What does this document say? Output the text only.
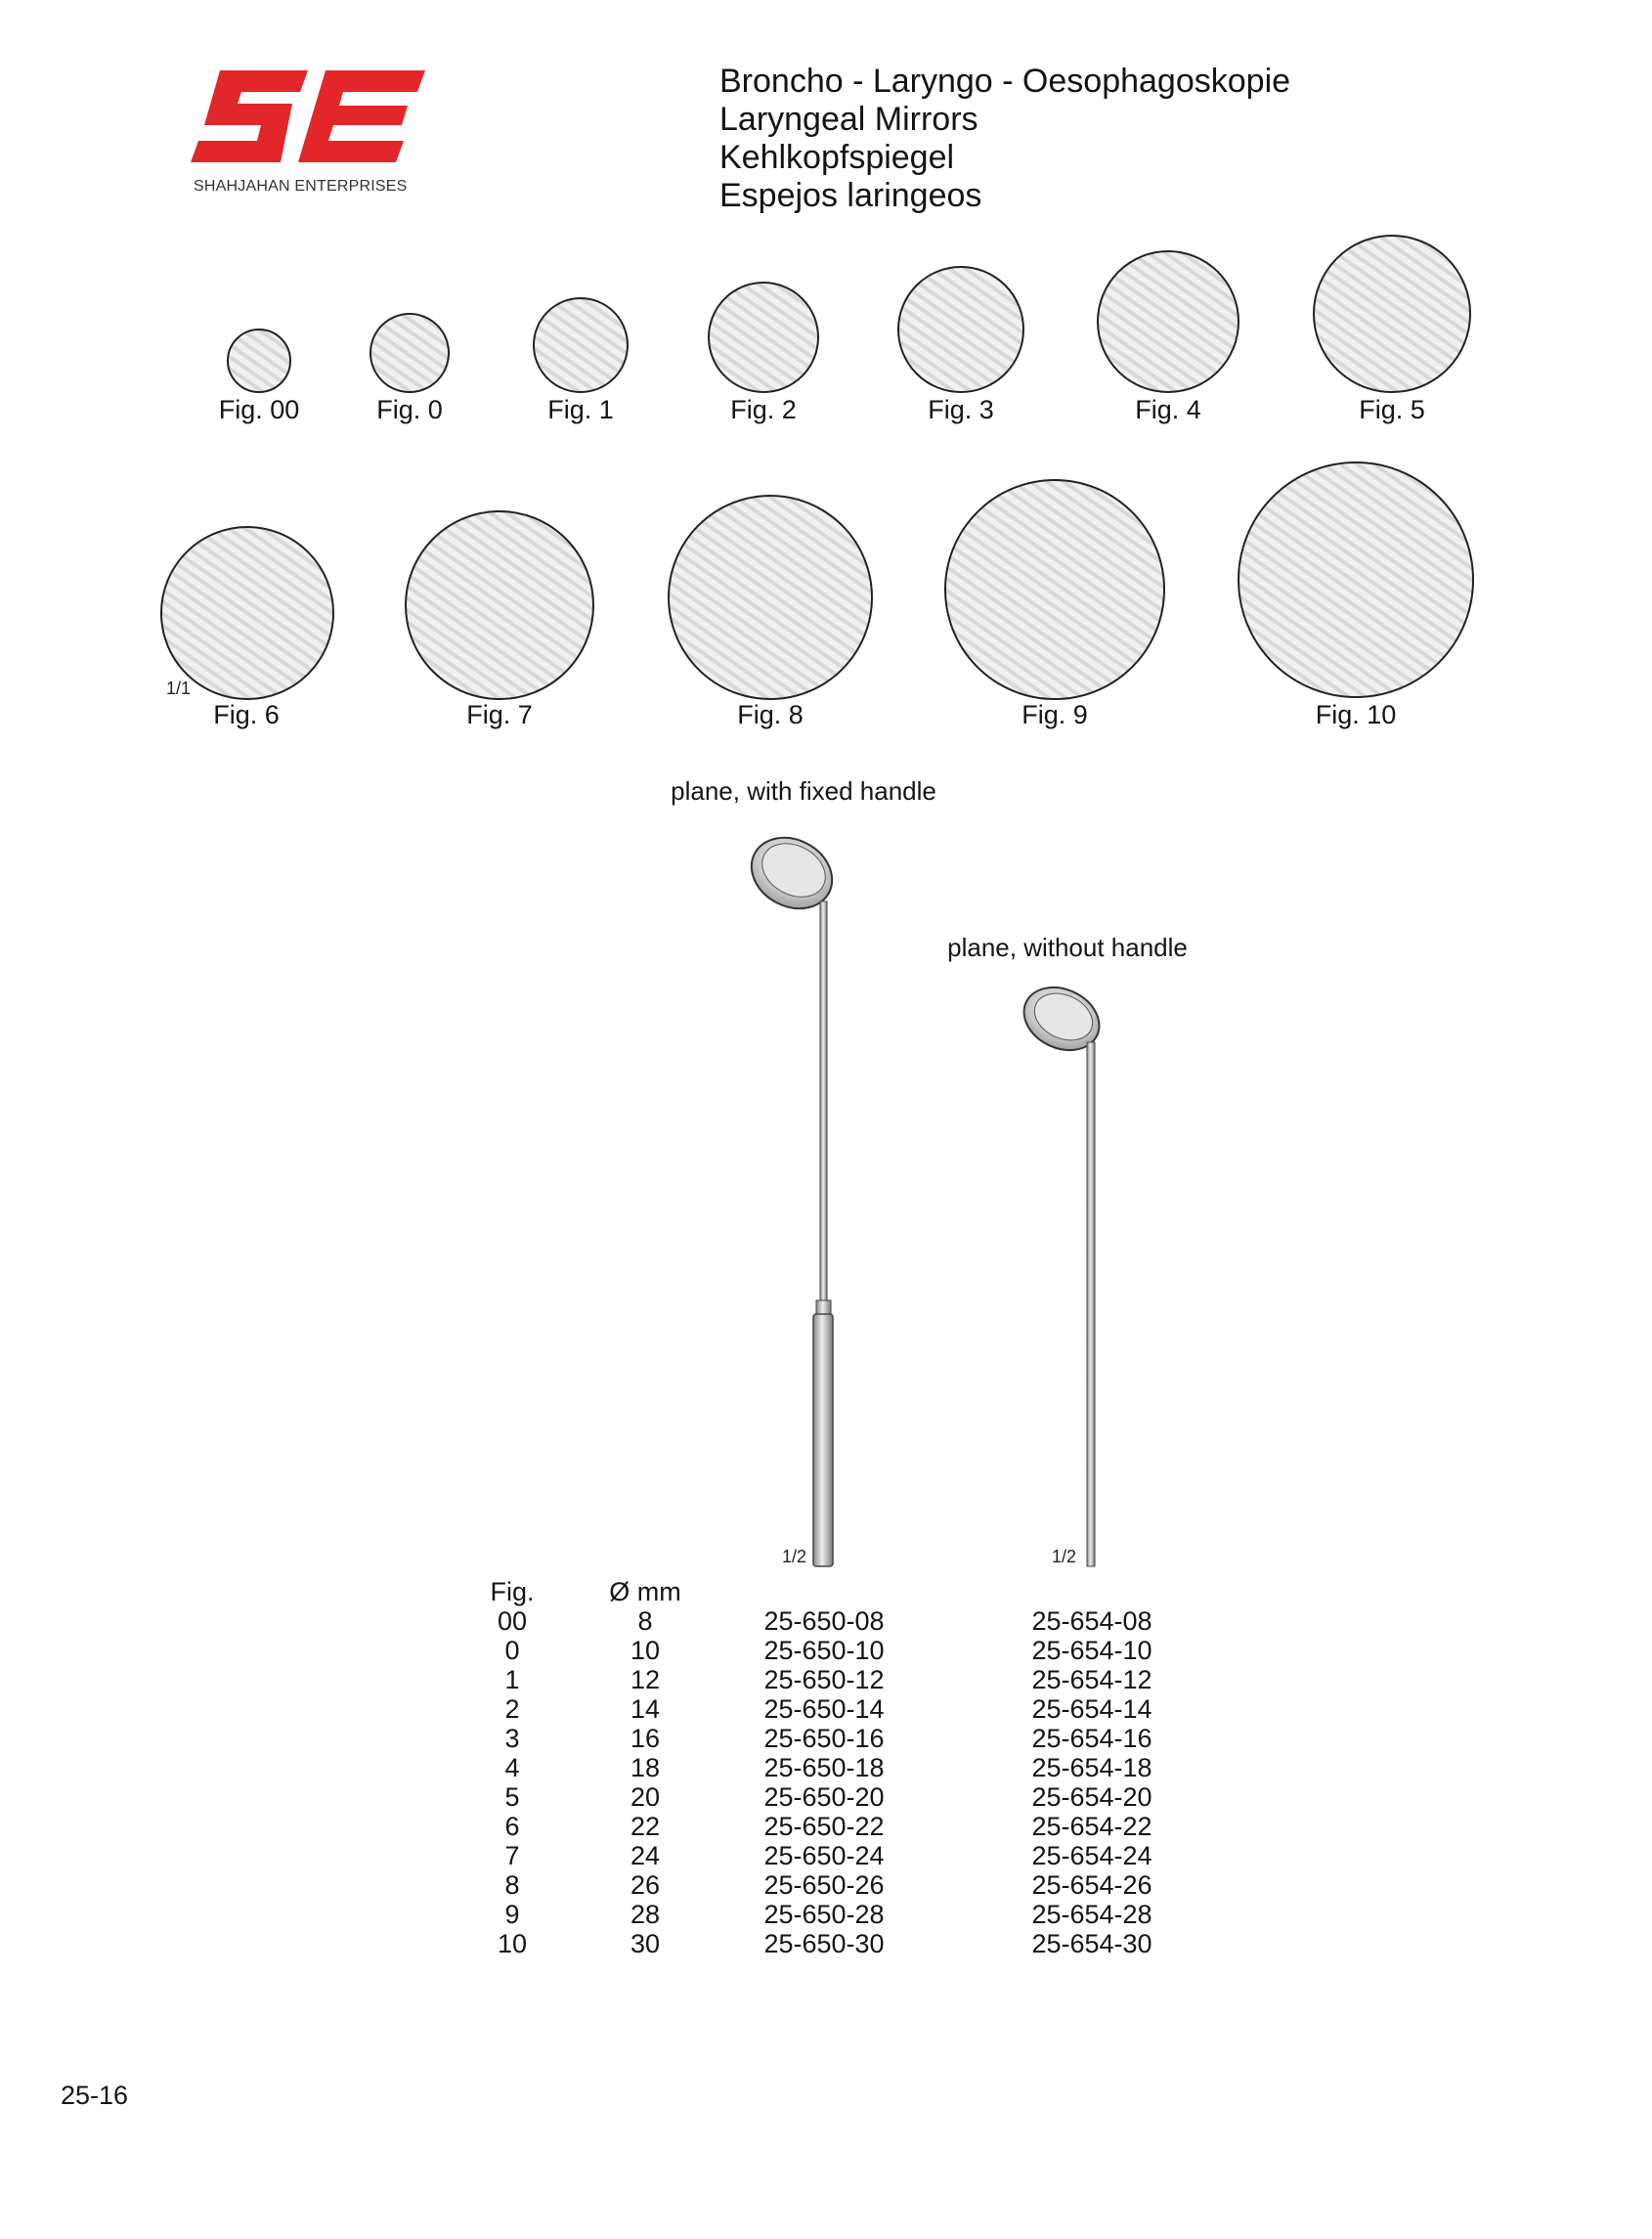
SHAHJAHAN ENTERPRISES
Broncho - Laryngo - Oesophagoskopie
Laryngeal Mirrors
Kehlkopfspiegel
Espejos laringeos
Fig. 00	Fig. 0	Fig. 1	Fig. 2	Fig. 3	Fig. 4	Fig. 5
1/1
Fig. 6	Fig. 7	Fig. 8	Fig. 9	Fig. 10
plane, with fixed handle
plane, without handle
1/2	1/2
Fig.	Ø mm
00	8	25-650-08	25-654-08
0	10	25-650-10	25-654-10
1	12	25-650-12	25-654-12
2	14	25-650-14	25-654-14
3	16	25-650-16	25-654-16
4	18	25-650-18	25-654-18
5	20	25-650-20	25-654-20
6	22	25-650-22	25-654-22
7	24	25-650-24	25-654-24
8	26	25-650-26	25-654-26
9	28	25-650-28	25-654-28
10	30	25-650-30	25-654-30
25-16
